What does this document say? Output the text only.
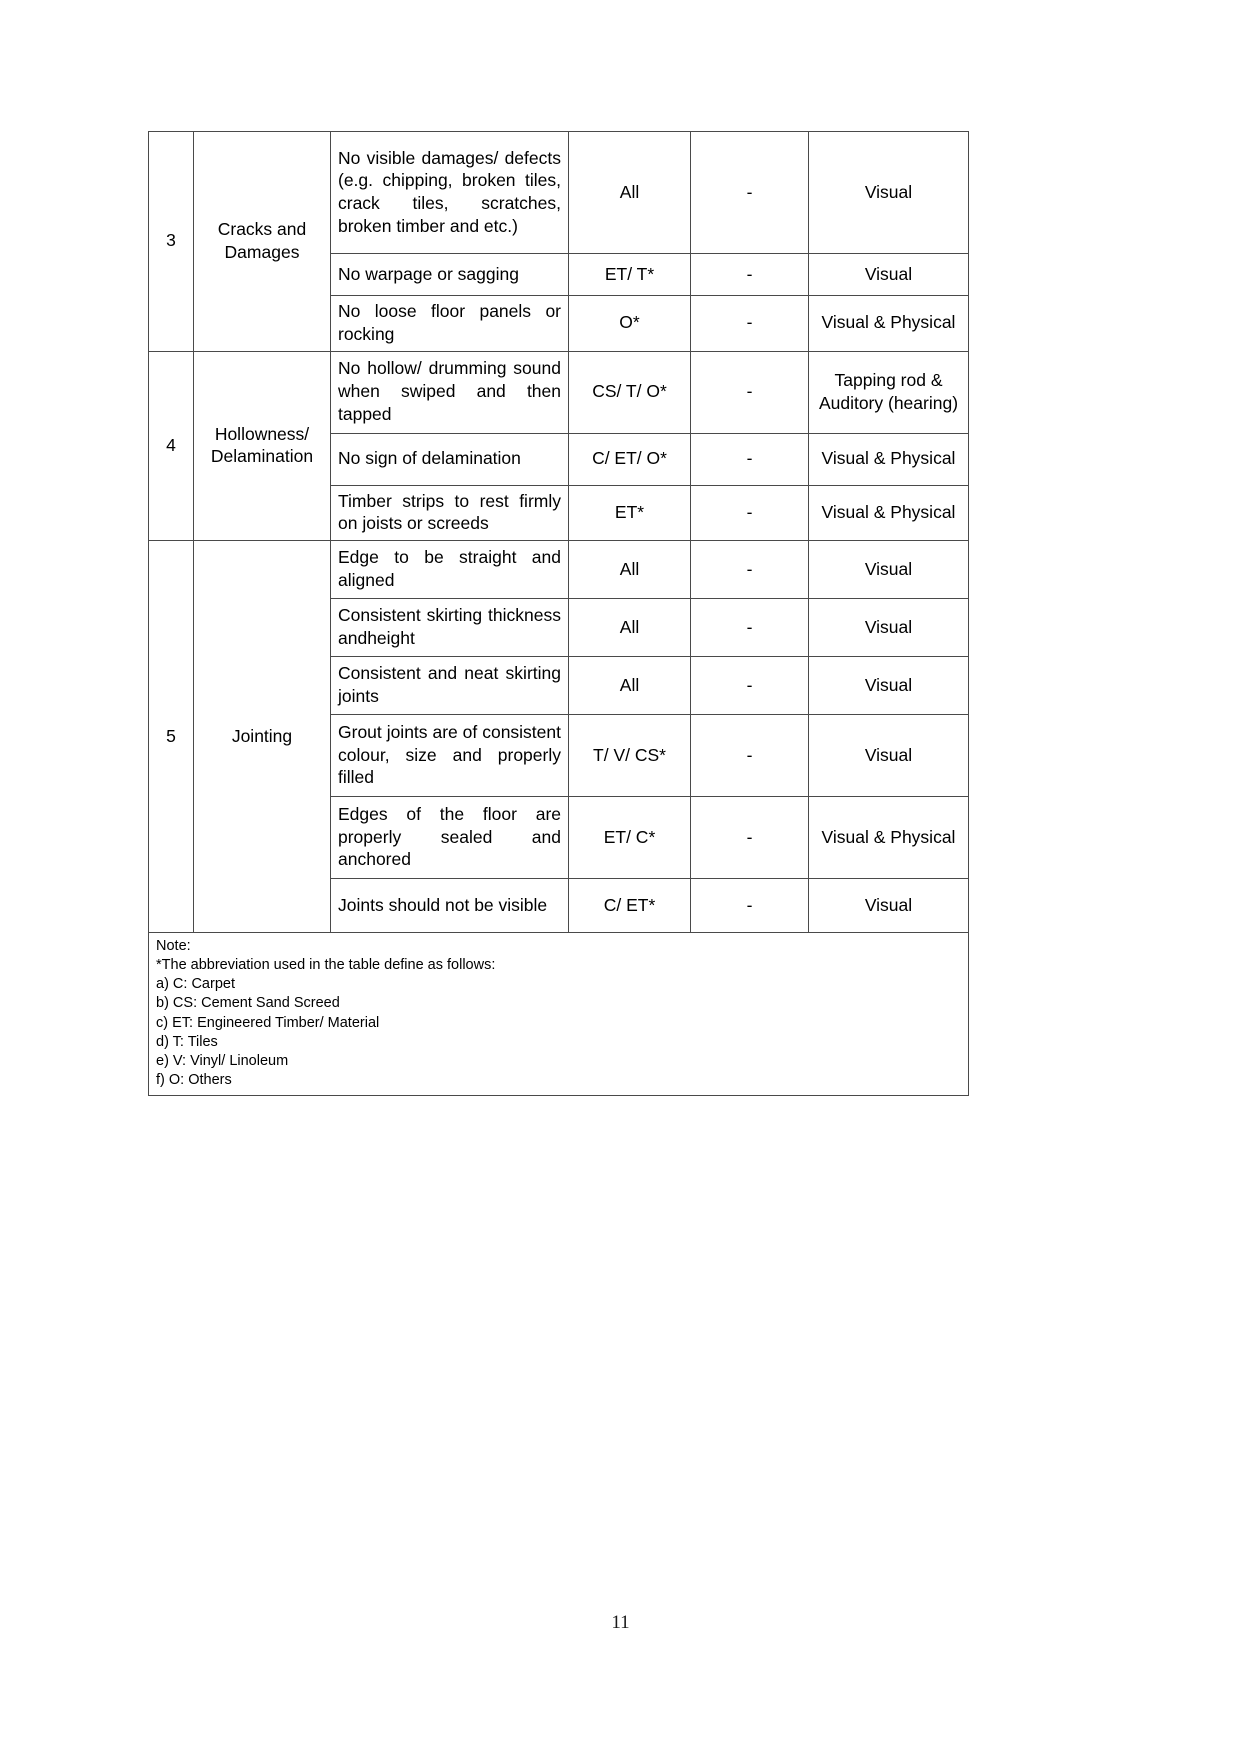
3	Cracks and Damages	No visible damages/ defects (e.g. chipping, broken tiles, crack tiles, scratches, broken timber and etc.)	All	-	Visual
		No warpage or sagging	ET/ T*	-	Visual
		No loose floor panels or rocking	O*	-	Visual & Physical
4	Hollowness/ Delamination	No hollow/ drumming sound when swiped and then tapped	CS/ T/ O*	-	Tapping rod & Auditory (hearing)
		No sign of delamination	C/ ET/ O*	-	Visual & Physical
		Timber strips to rest firmly on joists or screeds	ET*	-	Visual & Physical
5	Jointing	Edge to be straight and aligned	All	-	Visual
		Consistent skirting thickness andheight	All	-	Visual
		Consistent and neat skirting joints	All	-	Visual
		Grout joints are of consistent colour, size and properly filled	T/ V/ CS*	-	Visual
		Edges of the floor are properly sealed and anchored	ET/ C*	-	Visual & Physical
		Joints should not be visible	C/ ET*	-	Visual

Note:
*The abbreviation used in the table define as follows:
a) C: Carpet
b) CS: Cement Sand Screed
c) ET: Engineered Timber/ Material
d) T: Tiles
e) V: Vinyl/ Linoleum
f) O: Others
11
